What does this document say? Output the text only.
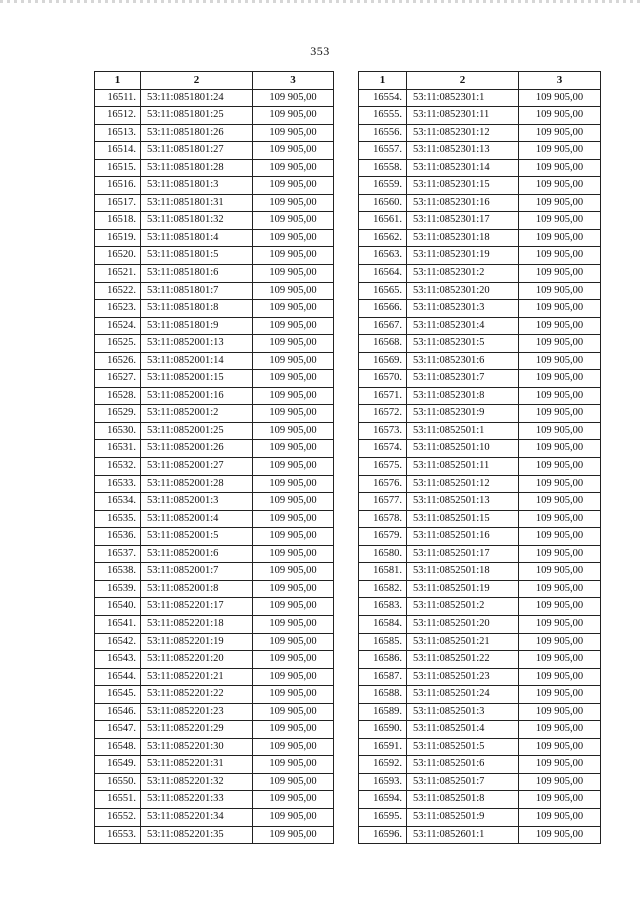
353
1	2	3
16511.	53:11:0851801:24	109 905,00
16512.	53:11:0851801:25	109 905,00
16513.	53:11:0851801:26	109 905,00
16514.	53:11:0851801:27	109 905,00
16515.	53:11:0851801:28	109 905,00
16516.	53:11:0851801:3	109 905,00
16517.	53:11:0851801:31	109 905,00
16518.	53:11:0851801:32	109 905,00
16519.	53:11:0851801:4	109 905,00
16520.	53:11:0851801:5	109 905,00
16521.	53:11:0851801:6	109 905,00
16522.	53:11:0851801:7	109 905,00
16523.	53:11:0851801:8	109 905,00
16524.	53:11:0851801:9	109 905,00
16525.	53:11:0852001:13	109 905,00
16526.	53:11:0852001:14	109 905,00
16527.	53:11:0852001:15	109 905,00
16528.	53:11:0852001:16	109 905,00
16529.	53:11:0852001:2	109 905,00
16530.	53:11:0852001:25	109 905,00
16531.	53:11:0852001:26	109 905,00
16532.	53:11:0852001:27	109 905,00
16533.	53:11:0852001:28	109 905,00
16534.	53:11:0852001:3	109 905,00
16535.	53:11:0852001:4	109 905,00
16536.	53:11:0852001:5	109 905,00
16537.	53:11:0852001:6	109 905,00
16538.	53:11:0852001:7	109 905,00
16539.	53:11:0852001:8	109 905,00
16540.	53:11:0852201:17	109 905,00
16541.	53:11:0852201:18	109 905,00
16542.	53:11:0852201:19	109 905,00
16543.	53:11:0852201:20	109 905,00
16544.	53:11:0852201:21	109 905,00
16545.	53:11:0852201:22	109 905,00
16546.	53:11:0852201:23	109 905,00
16547.	53:11:0852201:29	109 905,00
16548.	53:11:0852201:30	109 905,00
16549.	53:11:0852201:31	109 905,00
16550.	53:11:0852201:32	109 905,00
16551.	53:11:0852201:33	109 905,00
16552.	53:11:0852201:34	109 905,00
16553.	53:11:0852201:35	109 905,00
1	2	3
16554.	53:11:0852301:1	109 905,00
16555.	53:11:0852301:11	109 905,00
16556.	53:11:0852301:12	109 905,00
16557.	53:11:0852301:13	109 905,00
16558.	53:11:0852301:14	109 905,00
16559.	53:11:0852301:15	109 905,00
16560.	53:11:0852301:16	109 905,00
16561.	53:11:0852301:17	109 905,00
16562.	53:11:0852301:18	109 905,00
16563.	53:11:0852301:19	109 905,00
16564.	53:11:0852301:2	109 905,00
16565.	53:11:0852301:20	109 905,00
16566.	53:11:0852301:3	109 905,00
16567.	53:11:0852301:4	109 905,00
16568.	53:11:0852301:5	109 905,00
16569.	53:11:0852301:6	109 905,00
16570.	53:11:0852301:7	109 905,00
16571.	53:11:0852301:8	109 905,00
16572.	53:11:0852301:9	109 905,00
16573.	53:11:0852501:1	109 905,00
16574.	53:11:0852501:10	109 905,00
16575.	53:11:0852501:11	109 905,00
16576.	53:11:0852501:12	109 905,00
16577.	53:11:0852501:13	109 905,00
16578.	53:11:0852501:15	109 905,00
16579.	53:11:0852501:16	109 905,00
16580.	53:11:0852501:17	109 905,00
16581.	53:11:0852501:18	109 905,00
16582.	53:11:0852501:19	109 905,00
16583.	53:11:0852501:2	109 905,00
16584.	53:11:0852501:20	109 905,00
16585.	53:11:0852501:21	109 905,00
16586.	53:11:0852501:22	109 905,00
16587.	53:11:0852501:23	109 905,00
16588.	53:11:0852501:24	109 905,00
16589.	53:11:0852501:3	109 905,00
16590.	53:11:0852501:4	109 905,00
16591.	53:11:0852501:5	109 905,00
16592.	53:11:0852501:6	109 905,00
16593.	53:11:0852501:7	109 905,00
16594.	53:11:0852501:8	109 905,00
16595.	53:11:0852501:9	109 905,00
16596.	53:11:0852601:1	109 905,00
